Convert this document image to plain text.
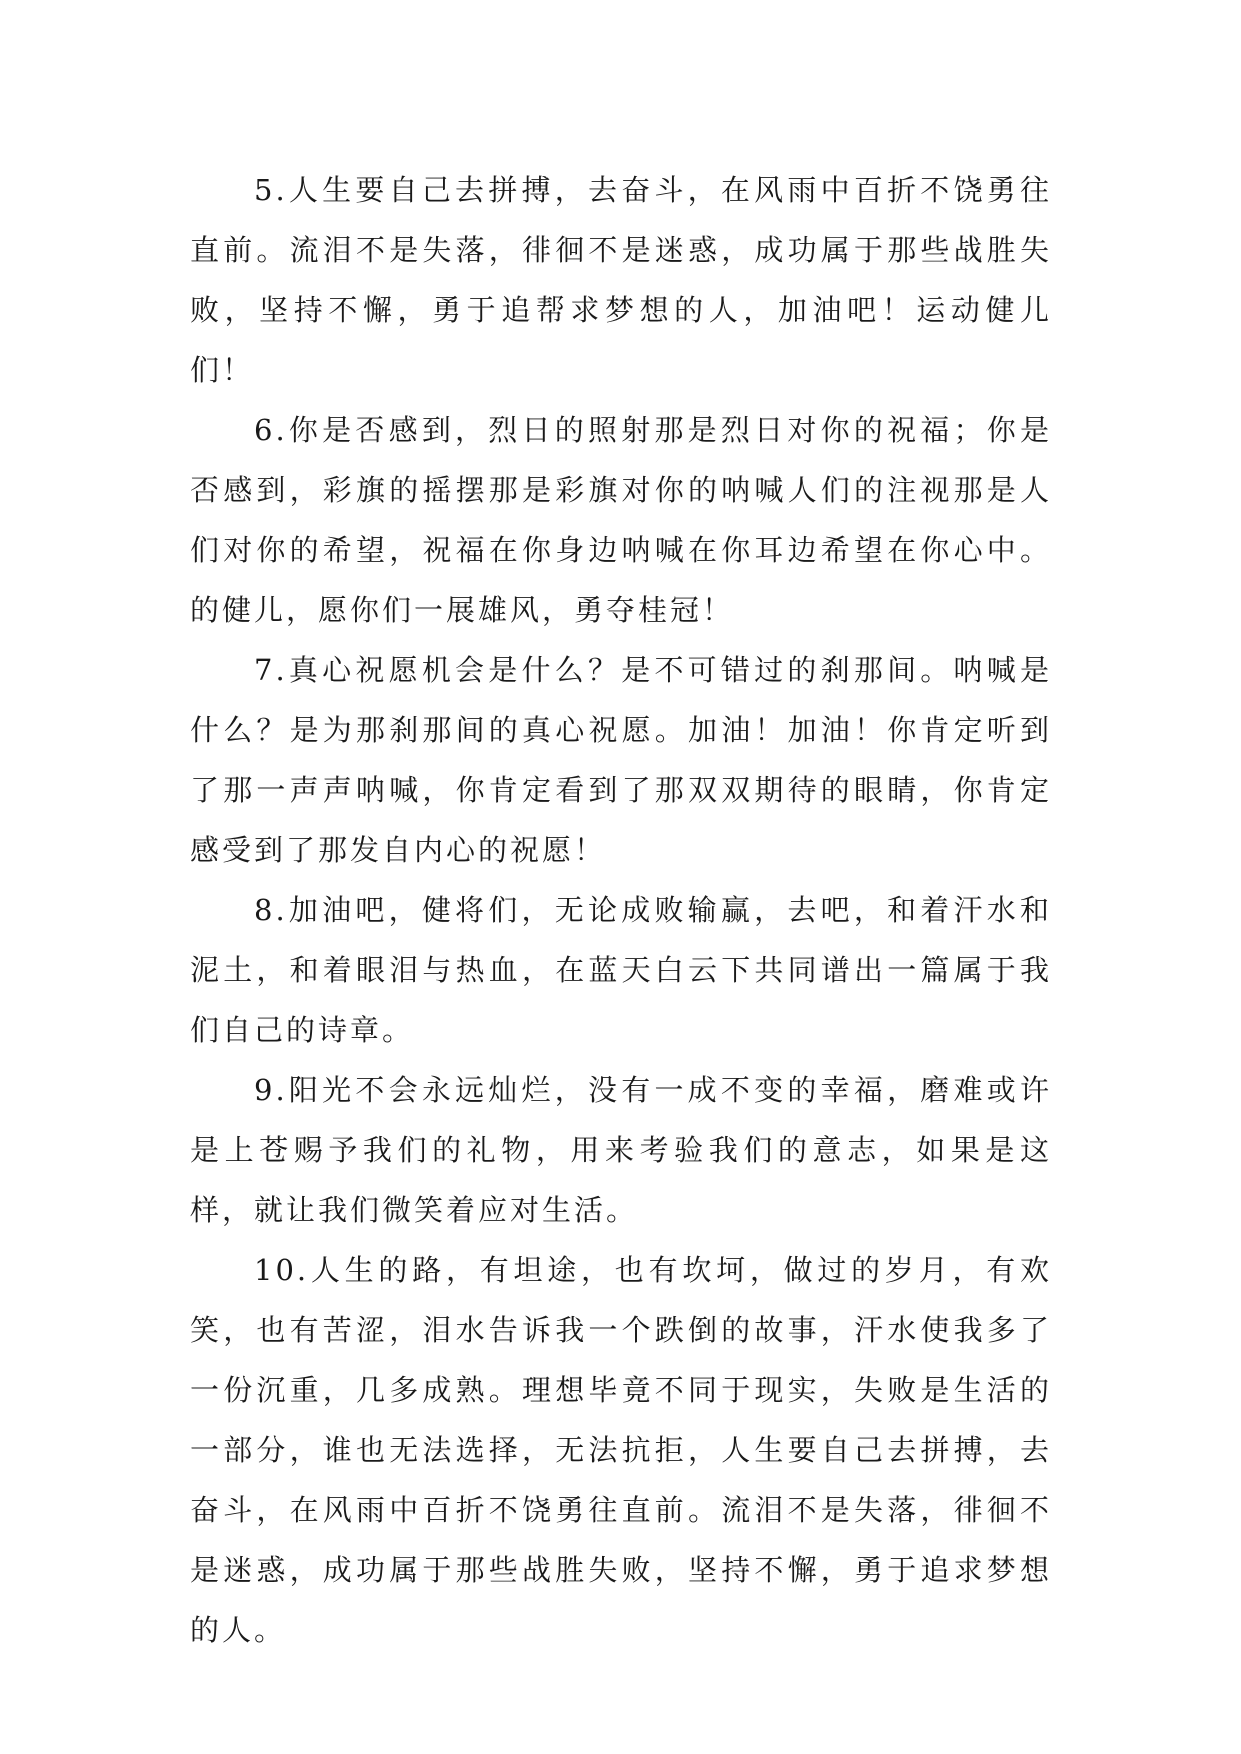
5.人生要自己去拼搏，去奋斗，在风雨中百折不饶勇往直前。流泪不是失落，徘徊不是迷惑，成功属于那些战胜失败，坚持不懈，勇于追帮求梦想的人，加油吧！运动健儿们！

6.你是否感到，烈日的照射那是烈日对你的祝福；你是否感到，彩旗的摇摆那是彩旗对你的呐喊人们的注视那是人们对你的希望，祝福在你身边呐喊在你耳边希望在你心中。的健儿，愿你们一展雄风，勇夺桂冠！

7.真心祝愿机会是什么？是不可错过的刹那间。呐喊是什么？是为那刹那间的真心祝愿。加油！加油！你肯定听到了那一声声呐喊，你肯定看到了那双双期待的眼睛，你肯定感受到了那发自内心的祝愿！

8.加油吧，健将们，无论成败输赢，去吧，和着汗水和泥土，和着眼泪与热血，在蓝天白云下共同谱出一篇属于我们自己的诗章。

9.阳光不会永远灿烂，没有一成不变的幸福，磨难或许是上苍赐予我们的礼物，用来考验我们的意志，如果是这样，就让我们微笑着应对生活。

10.人生的路，有坦途，也有坎坷，做过的岁月，有欢笑，也有苦涩，泪水告诉我一个跌倒的故事，汗水使我多了一份沉重，几多成熟。理想毕竟不同于现实，失败是生活的一部分，谁也无法选择，无法抗拒，人生要自己去拼搏，去奋斗，在风雨中百折不饶勇往直前。流泪不是失落，徘徊不是迷惑，成功属于那些战胜失败，坚持不懈，勇于追求梦想的人。
